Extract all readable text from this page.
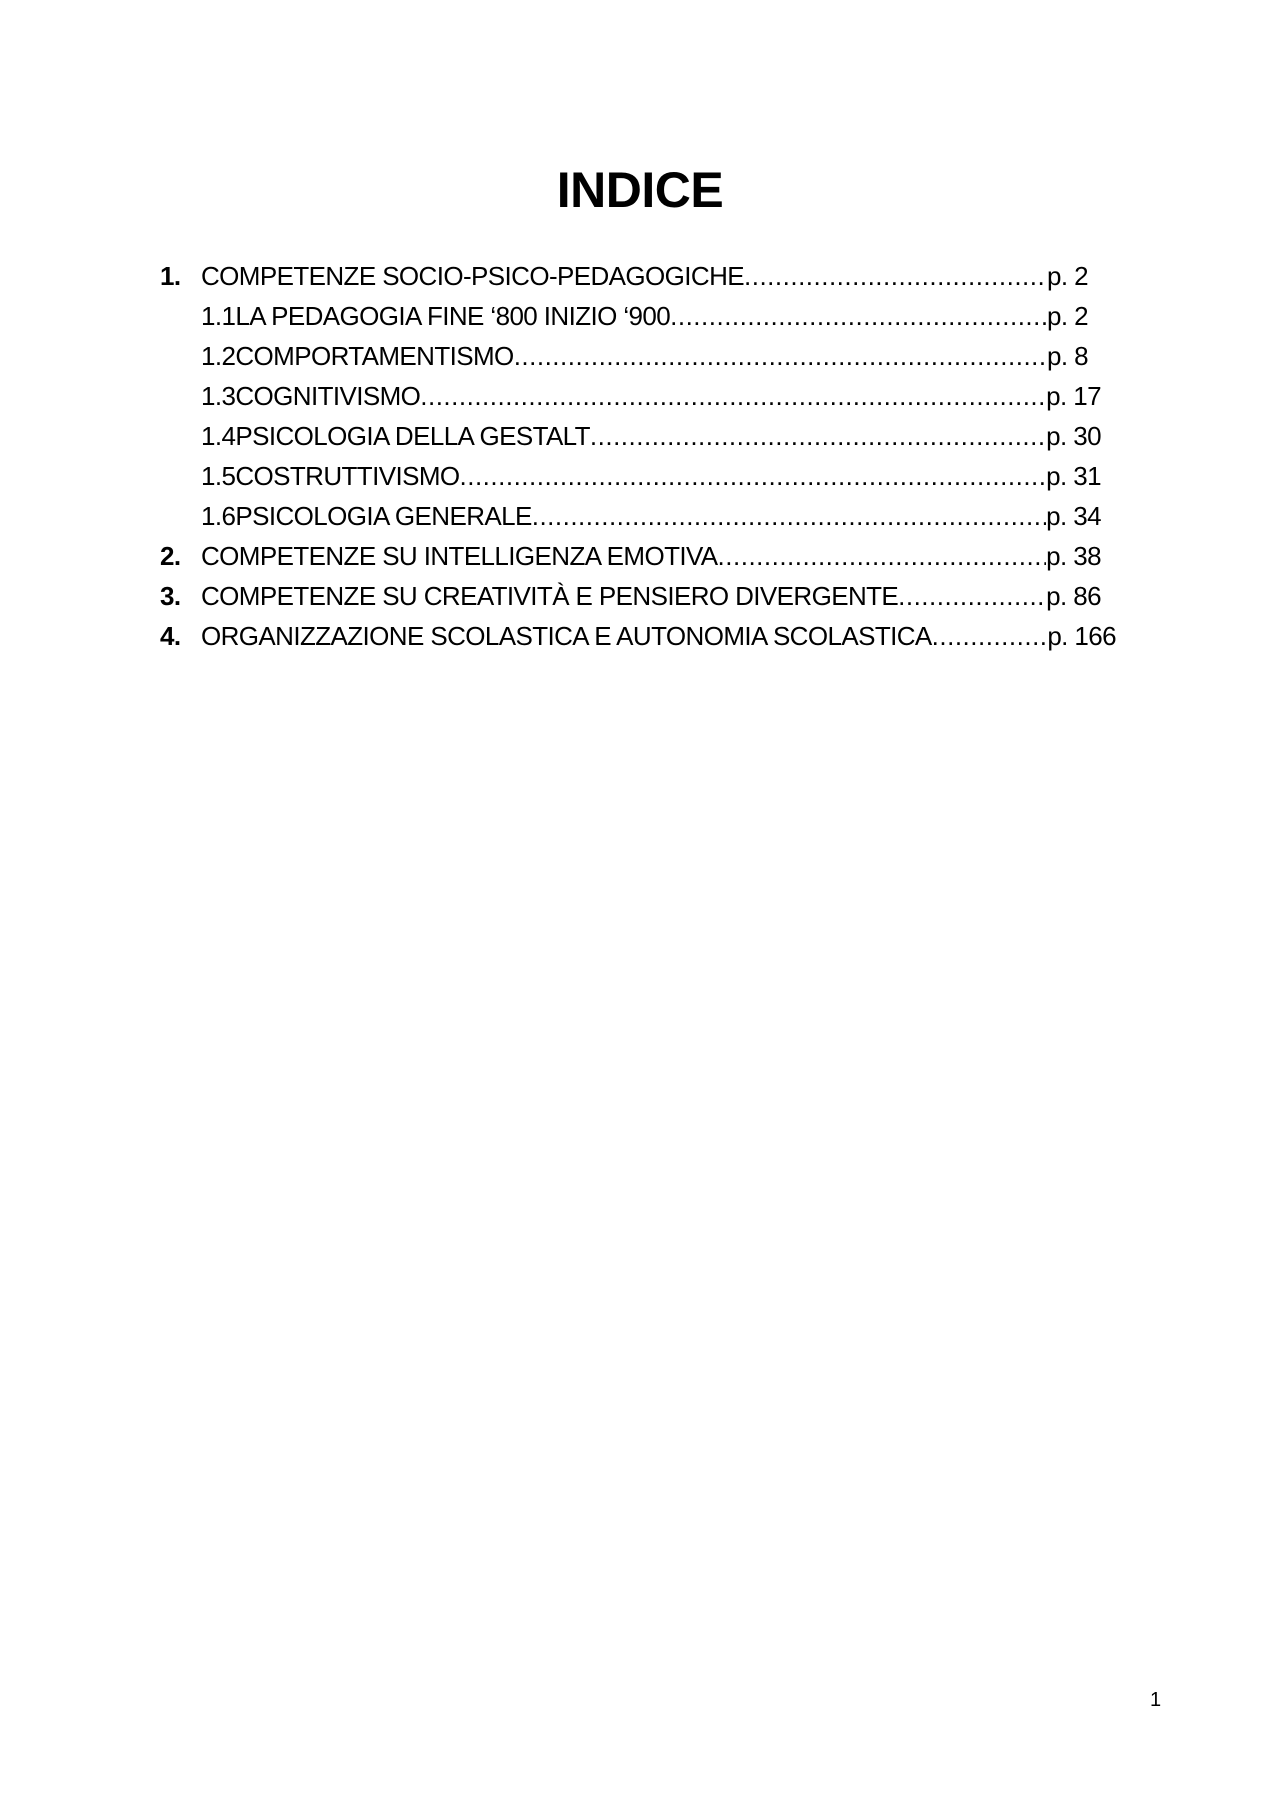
INDICE
1. COMPETENZE SOCIO-PSICO-PEDAGOGICHE .....	p. 2
1.1 LA PEDAGOGIA FINE ‘800 INIZIO ‘900 .....	p. 2
1.2 COMPORTAMENTISMO .....	p. 8
1.3 COGNITIVISMO .....	p. 17
1.4 PSICOLOGIA DELLA GESTALT .....	p. 30
1.5 COSTRUTTIVISMO .....	p. 31
1.6 PSICOLOGIA GENERALE .....	p. 34
2. COMPETENZE SU INTELLIGENZA EMOTIVA .....	p. 38
3. COMPETENZE SU CREATIVITÀ E PENSIERO DIVERGENTE .....	p. 86
4. ORGANIZZAZIONE SCOLASTICA E AUTONOMIA SCOLASTICA .....	p. 166
1
